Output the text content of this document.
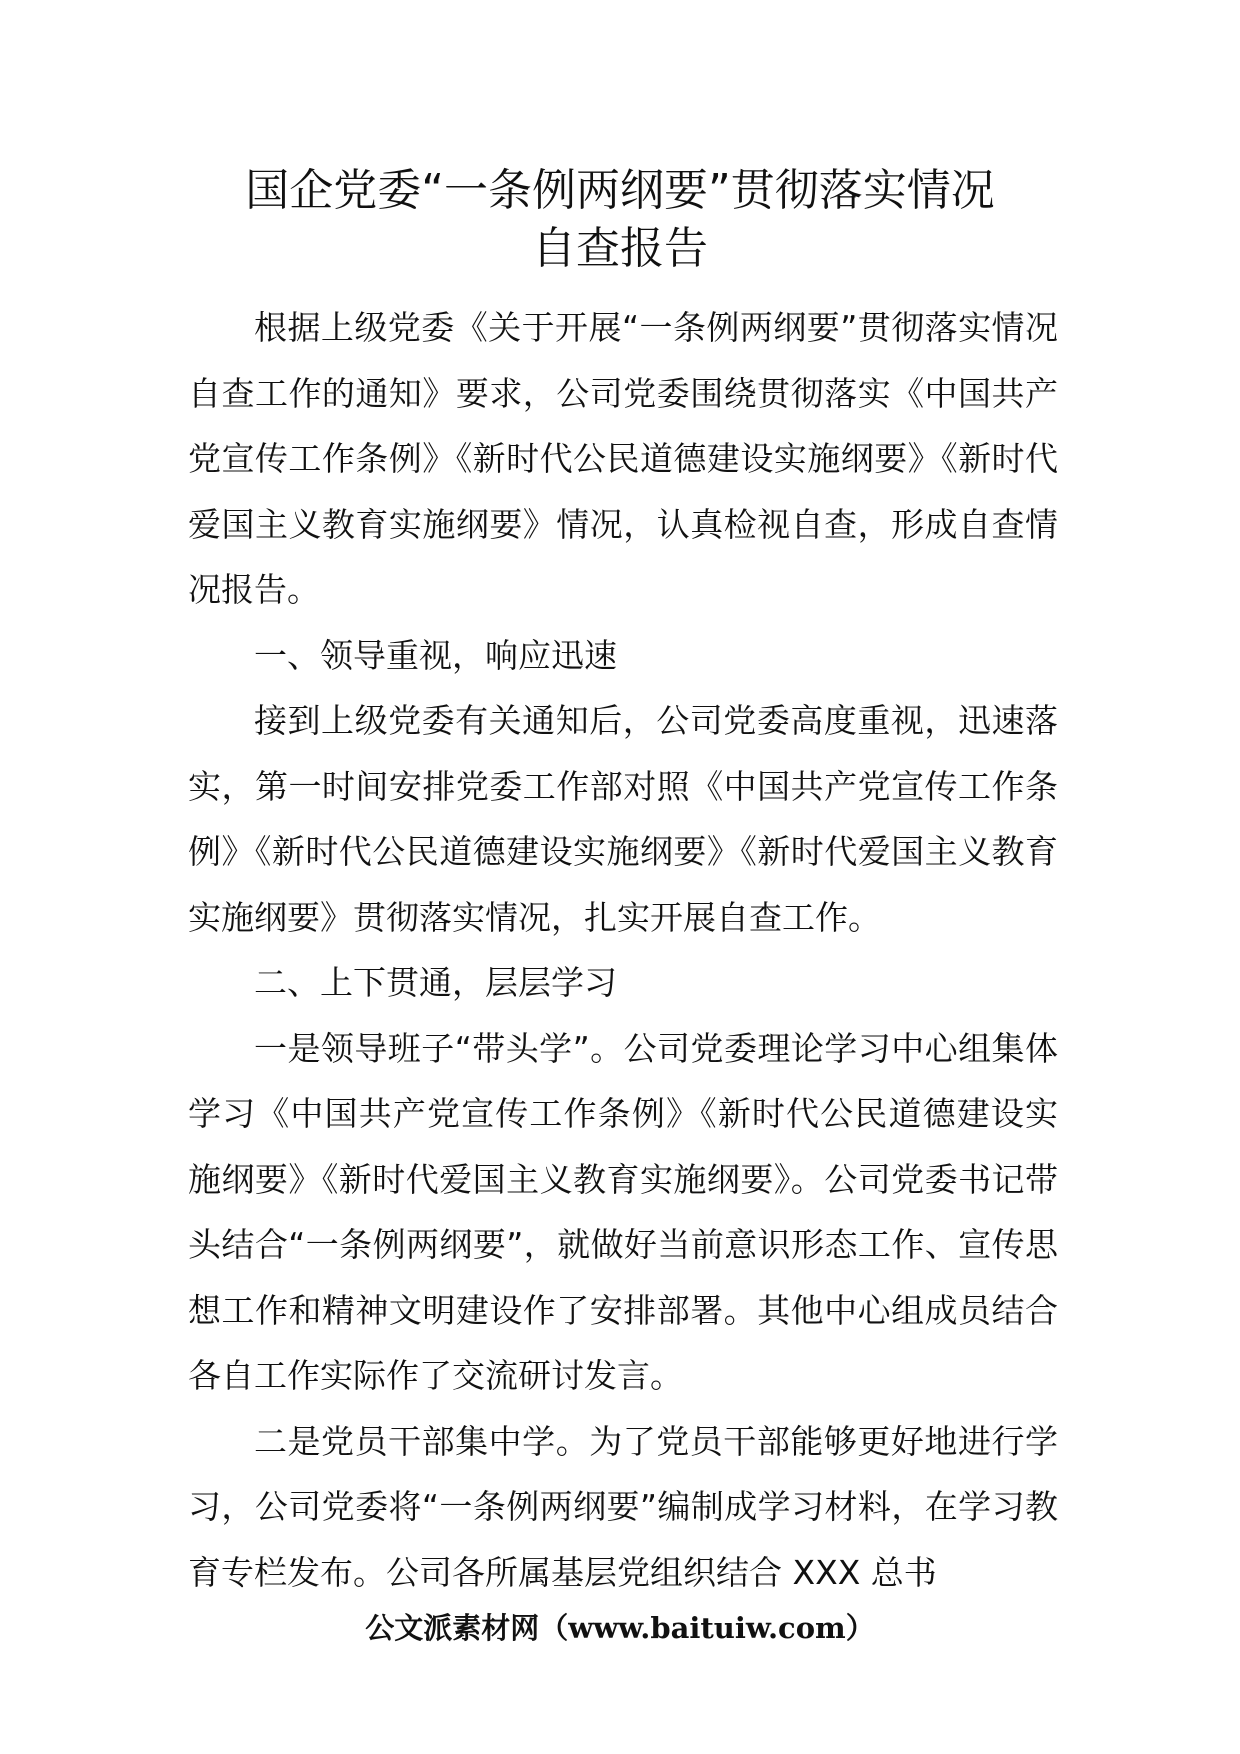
国企党委“一条例两纲要”贯彻落实情况
自查报告

根据上级党委《关于开展“一条例两纲要”贯彻落实情况自查工作的通知》要求，公司党委围绕贯彻落实《中国共产党宣传工作条例》《新时代公民道德建设实施纲要》《新时代爱国主义教育实施纲要》情况，认真检视自查，形成自查情况报告。

一、领导重视，响应迅速

接到上级党委有关通知后，公司党委高度重视，迅速落实，第一时间安排党委工作部对照《中国共产党宣传工作条例》《新时代公民道德建设实施纲要》《新时代爱国主义教育实施纲要》贯彻落实情况，扎实开展自查工作。

二、上下贯通，层层学习

一是领导班子“带头学”。公司党委理论学习中心组集体学习《中国共产党宣传工作条例》《新时代公民道德建设实施纲要》《新时代爱国主义教育实施纲要》。公司党委书记带头结合“一条例两纲要”，就做好当前意识形态工作、宣传思想工作和精神文明建设作了安排部署。其他中心组成员结合各自工作实际作了交流研讨发言。

二是党员干部集中学。为了党员干部能够更好地进行学习，公司党委将“一条例两纲要”编制成学习材料，在学习教育专栏发布。公司各所属基层党组织结合 XXX 总书

公文派素材网（www.baituiw.com）
